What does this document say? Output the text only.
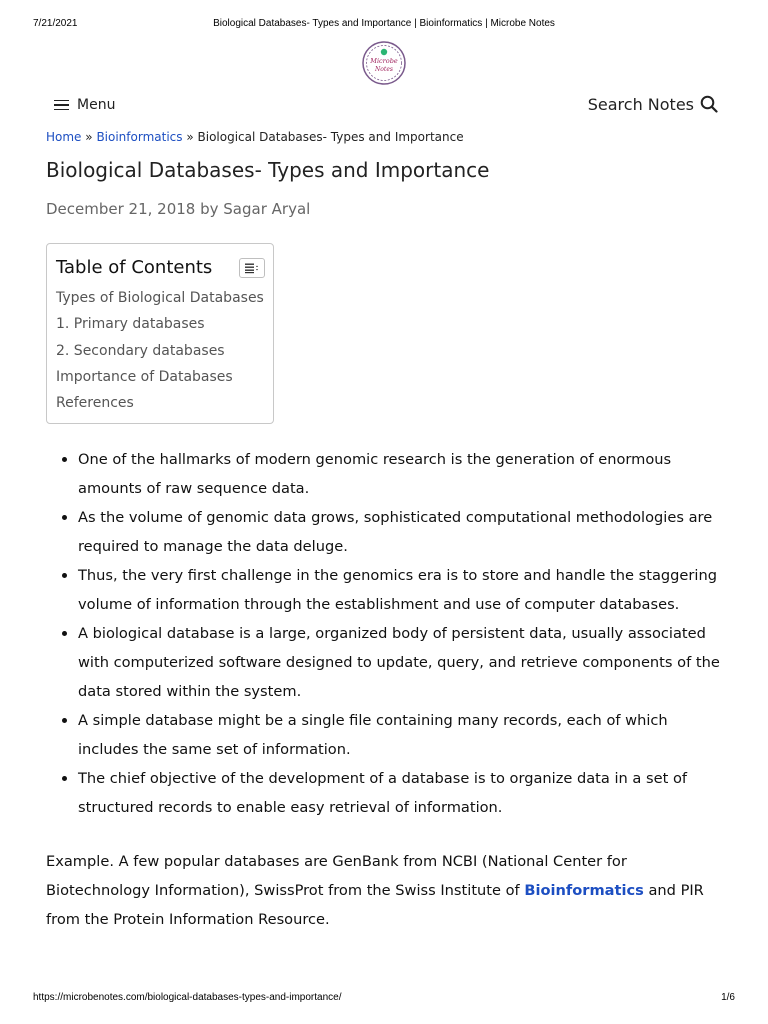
7/21/2021	Biological Databases- Types and Importance | Bioinformatics | Microbe Notes
Microbe
Notes
Menu	Search Notes
Home » Bioinformatics » Biological Databases- Types and Importance
Biological Databases- Types and Importance
December 21, 2018 by Sagar Aryal
Table of Contents
Types of Biological Databases
1. Primary databases
2. Secondary databases
Importance of Databases
References
One of the hallmarks of modern genomic research is the generation of enormous amounts of raw sequence data.
As the volume of genomic data grows, sophisticated computational methodologies are required to manage the data deluge.
Thus, the very first challenge in the genomics era is to store and handle the staggering volume of information through the establishment and use of computer databases.
A biological database is a large, organized body of persistent data, usually associated with computerized software designed to update, query, and retrieve components of the data stored within the system.
A simple database might be a single file containing many records, each of which includes the same set of information.
The chief objective of the development of a database is to organize data in a set of structured records to enable easy retrieval of information.

Example. A few popular databases are GenBank from NCBI (National Center for Biotechnology Information), SwissProt from the Swiss Institute of Bioinformatics and PIR from the Protein Information Resource.

https://microbenotes.com/biological-databases-types-and-importance/	1/6
